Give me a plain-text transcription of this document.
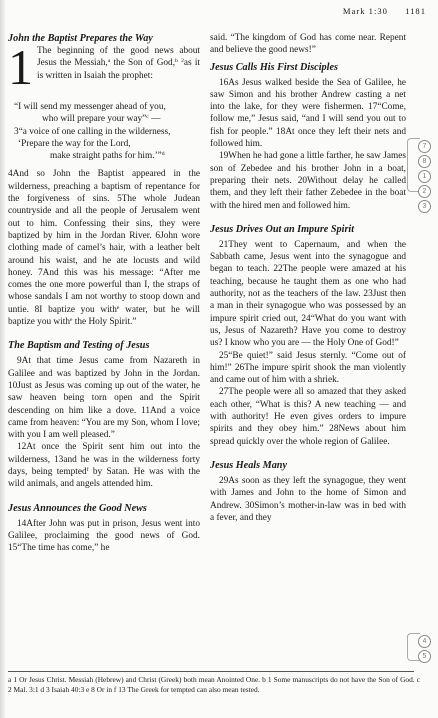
Mark 1:30 1181
John the Baptist Prepares the Way
1 The beginning of the good news about Jesus the Messiah,$^a$ the Son of God,$^b$ $^2$as it is written in Isaiah the prophet:

“I will send my messenger ahead of you,
who will prepare your way”$^c$ —
3“a voice of one calling in the wilderness,
‘Prepare the way for the Lord,
make straight paths for him.’”$^d$

4And so John the Baptist appeared in the wilderness, preaching a baptism of repentance for the forgiveness of sins. 5The whole Judean countryside and all the people of Jerusalem went out to him. Confessing their sins, they were baptized by him in the Jordan River. 6John wore clothing made of camel’s hair, with a leather belt around his waist, and he ate locusts and wild honey. 7And this was his message: “After me comes the one more powerful than I, the straps of whose sandals I am not worthy to stoop down and untie. 8I baptize you with$^e$ water, but he will baptize you with$^e$ the Holy Spirit.”

The Baptism and Testing of Jesus

9At that time Jesus came from Nazareth in Galilee and was baptized by John in the Jordan. 10Just as Jesus was coming up out of the water, he saw heaven being torn open and the Spirit descending on him like a dove. 11And a voice came from heaven: “You are my Son, whom I love; with you I am well pleased.”

12At once the Spirit sent him out into the wilderness, 13and he was in the wilderness forty days, being tempted$^f$ by Satan. He was with the wild animals, and angels attended him.

Jesus Announces the Good News

14After John was put in prison, Jesus went into Galilee, proclaiming the good news of God. 15“The time has come,” he

said. “The kingdom of God has come near. Repent and believe the good news!”

Jesus Calls His First Disciples

16As Jesus walked beside the Sea of Galilee, he saw Simon and his brother Andrew casting a net into the lake, for they were fishermen. 17“Come, follow me,” Jesus said, “and I will send you out to fish for people.” 18At once they left their nets and followed him.

19When he had gone a little farther, he saw James son of Zebedee and his brother John in a boat, preparing their nets. 20Without delay he called them, and they left their father Zebedee in the boat with the hired men and followed him.

Jesus Drives Out an Impure Spirit

21They went to Capernaum, and when the Sabbath came, Jesus went into the synagogue and began to teach. 22The people were amazed at his teaching, because he taught them as one who had authority, not as the teachers of the law. 23Just then a man in their synagogue who was possessed by an impure spirit cried out, 24“What do you want with us, Jesus of Nazareth? Have you come to destroy us? I know who you are — the Holy One of God!”

25“Be quiet!” said Jesus sternly. “Come out of him!” 26The impure spirit shook the man violently and came out of him with a shriek.

27The people were all so amazed that they asked each other, “What is this? A new teaching — and with authority! He even gives orders to impure spirits and they obey him.” 28News about him spread quickly over the whole region of Galilee.

Jesus Heals Many

29As soon as they left the synagogue, they went with James and John to the home of Simon and Andrew. 30Simon’s mother-in-law was in bed with a fever, and they

7
8
1
2
3
4
5
a 1 Or Jesus Christ. Messiah (Hebrew) and Christ (Greek) both mean Anointed One. b 1 Some manuscripts do not have the Son of God. c 2 Mal. 3:1 d 3 Isaiah 40:3 e 8 Or in f 13 The Greek for tempted can also mean tested.
